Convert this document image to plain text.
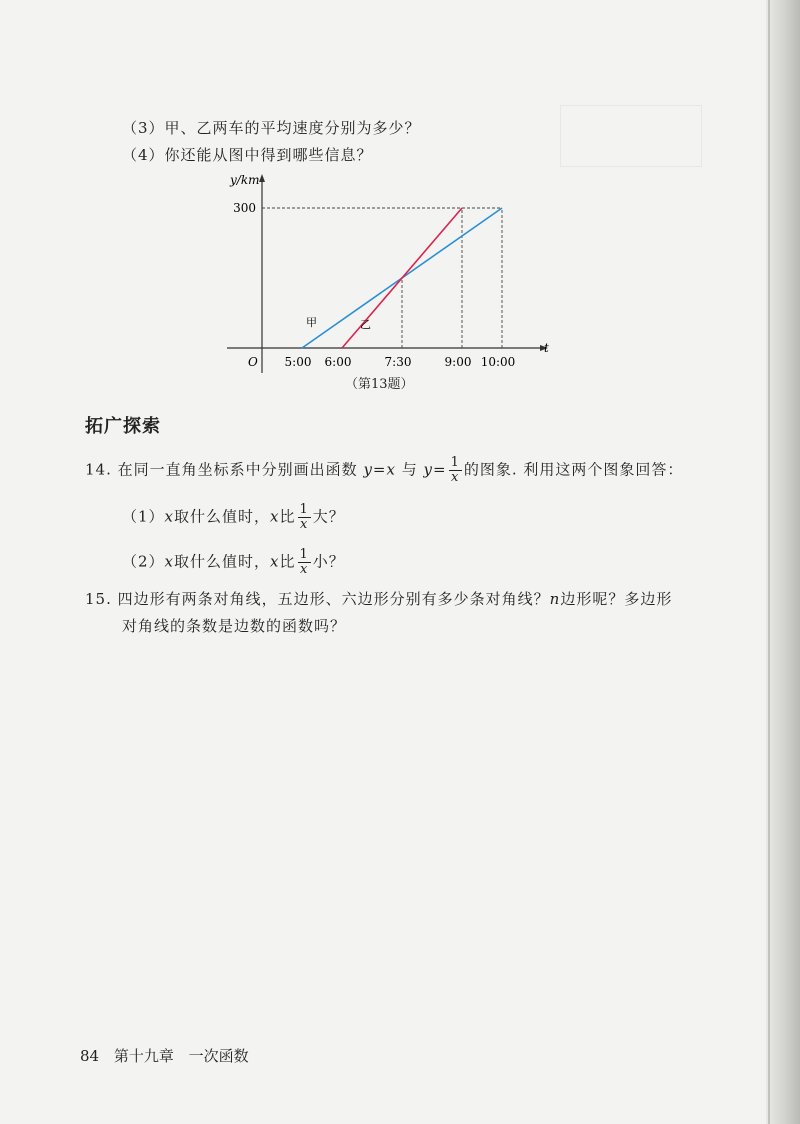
（3）甲、乙两车的平均速度分别为多少？
（4）你还能从图中得到哪些信息？
y/km
t
O
300
5:00 6:00	7:30	9:00 10:00
甲	乙
（第13题）
拓广探索
14. 在同一直角坐标系中分别画出函数 y=x 与 $y= \frac{1}{x}$ 的图象. 利用这两个图象回答：
（1）x取什么值时，x比 $\frac{1}{x}$ 大？
（2）x取什么值时，x比 $\frac{1}{x}$ 小？
15. 四边形有两条对角线，五边形、六边形分别有多少条对角线？n边形呢？多边形
对角线的条数是边数的函数吗？
84 第十九章 一次函数
